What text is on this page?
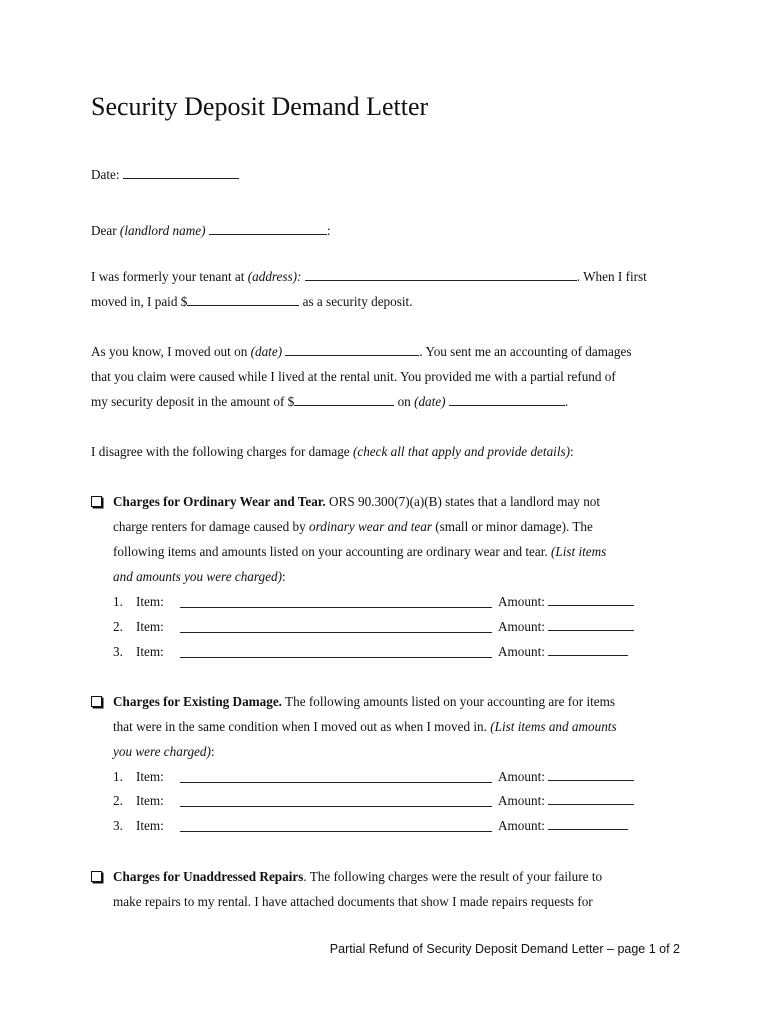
Security Deposit Demand Letter
Date:
Dear (landlord name)	:
I was formerly your tenant at (address):	. When I first
moved in, I paid $	as a security deposit.
As you know, I moved out on (date)	. You sent me an accounting of damages
that you claim were caused while I lived at the rental unit. You provided me with a partial refund of
my security deposit in the amount of $	on (date)	.
I disagree with the following charges for damage (check all that apply and provide details):
Charges for Ordinary Wear and Tear. ORS 90.300(7)(a)(B) states that a landlord may not
charge renters for damage caused by ordinary wear and tear (small or minor damage). The
following items and amounts listed on your accounting are ordinary wear and tear. (List items
and amounts you were charged):
1. Item:	Amount:
2. Item:	Amount:
3. Item:	Amount:
Charges for Existing Damage. The following amounts listed on your accounting are for items
that were in the same condition when I moved out as when I moved in. (List items and amounts
you were charged):
1. Item:	Amount:
2. Item:	Amount:
3. Item:	Amount:
Charges for Unaddressed Repairs. The following charges were the result of your failure to
make repairs to my rental. I have attached documents that show I made repairs requests for
Partial Refund of Security Deposit Demand Letter – page 1 of 2
